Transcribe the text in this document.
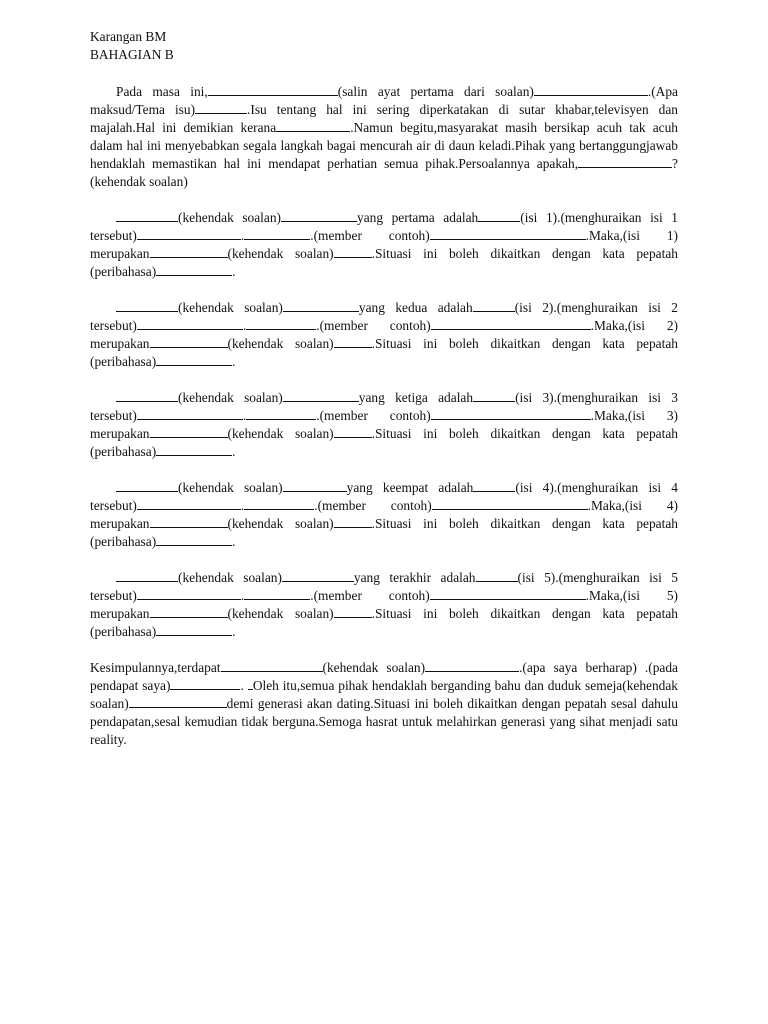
Karangan BM

BAHAGIAN B

Pada masa ini,	(salin ayat pertama dari soalan)	.(Apa maksud/Tema isu)	.Isu tentang hal ini sering diperkatakan di sutar khabar,televisyen dan majalah.Hal ini demikian kerana	.Namun begitu,masyarakat masih bersikap acuh tak acuh dalam hal ini menyebabkan segala langkah bagai mencurah air di daun keladi.Pihak yang bertanggungjawab hendaklah memastikan hal ini mendapat perhatian semua pihak.Persoalannya apakah,	?(kehendak soalan)

(kehendak soalan)	yang pertama adalah	(isi 1).(menghuraikan isi 1 tersebut)	.	.(member contoh)	.Maka,(isi 1) merupakan	(kehendak soalan)	.Situasi ini boleh dikaitkan dengan kata pepatah (peribahasa)	.

(kehendak soalan)	yang kedua adalah	(isi 2).(menghuraikan isi 2 tersebut)	.	.(member contoh)	.Maka,(isi 2) merupakan	(kehendak soalan)	.Situasi ini boleh dikaitkan dengan kata pepatah (peribahasa)	.

(kehendak soalan)	yang ketiga adalah	(isi 3).(menghuraikan isi 3 tersebut)	.	.(member contoh)	.Maka,(isi 3) merupakan	(kehendak soalan)	.Situasi ini boleh dikaitkan dengan kata pepatah (peribahasa)	.

(kehendak soalan)	yang keempat adalah	(isi 4).(menghuraikan isi 4 tersebut)	.	.(member contoh)	.Maka,(isi 4) merupakan	(kehendak soalan)	.Situasi ini boleh dikaitkan dengan kata pepatah (peribahasa)	.

(kehendak soalan)	yang terakhir adalah	(isi 5).(menghuraikan isi 5 tersebut)	.	.(member contoh)	.Maka,(isi 5) merupakan	(kehendak soalan)	.Situasi ini boleh dikaitkan dengan kata pepatah (peribahasa)	.

Kesimpulannya,terdapat	(kehendak soalan)	.(apa saya berharap) .(pada pendapat saya)	. Oleh itu,semua pihak hendaklah berganding bahu dan duduk semeja(kehendak soalan)	demi generasi akan dating.Situasi ini boleh dikaitkan dengan pepatah sesal dahulu pendapatan,sesal kemudian tidak berguna.Semoga hasrat untuk melahirkan generasi yang sihat menjadi satu reality.
